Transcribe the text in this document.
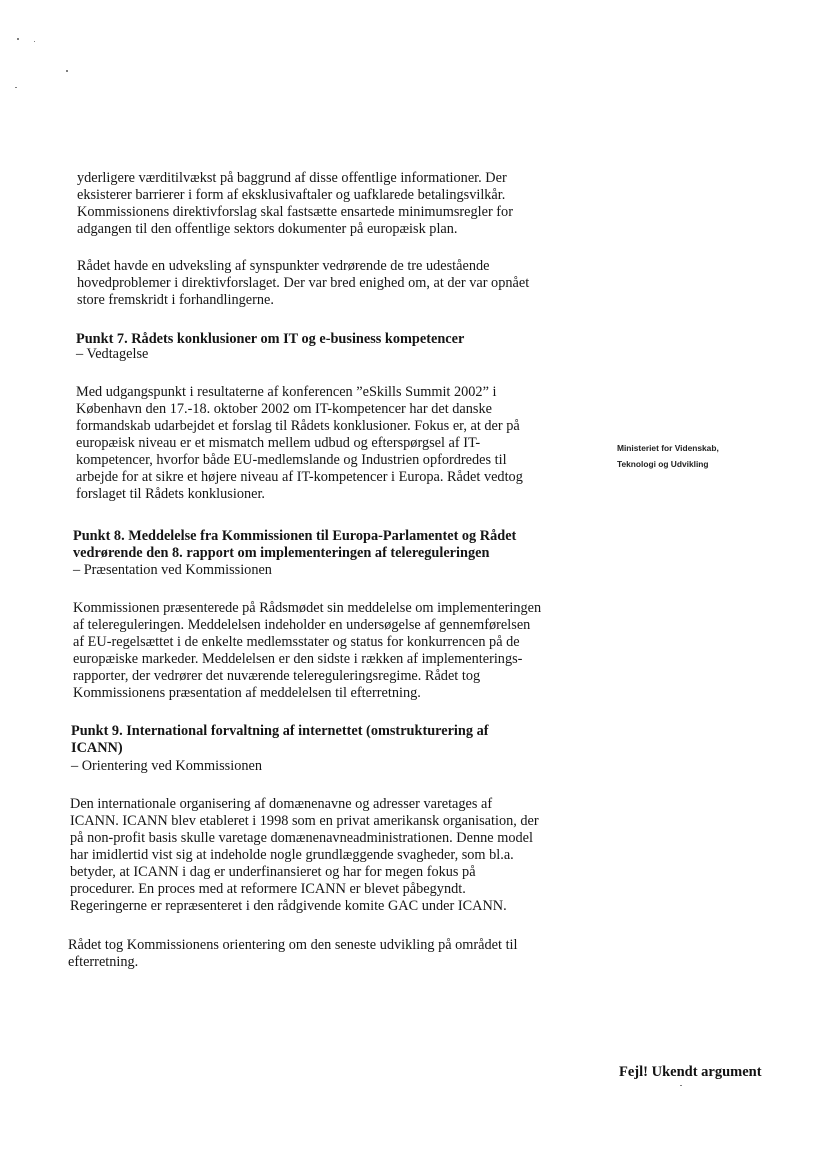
yderligere værditilvækst på baggrund af disse offentlige informationer. Der
eksisterer barrierer i form af eksklusivaftaler og uafklarede betalingsvilkår.
Kommissionens direktivforslag skal fastsætte ensartede minimumsregler for
adgangen til den offentlige sektors dokumenter på europæisk plan.
Rådet havde en udveksling af synspunkter vedrørende de tre udestående
hovedproblemer i direktivforslaget. Der var bred enighed om, at der var opnået
store fremskridt i forhandlingerne.
Punkt 7. Rådets konklusioner om IT og e-business kompetencer
– Vedtagelse
Med udgangspunkt i resultaterne af konferencen ”eSkills Summit 2002” i
København den 17.-18. oktober 2002 om IT-kompetencer har det danske
formandskab udarbejdet et forslag til Rådets konklusioner. Fokus er, at der på
europæisk niveau er et mismatch mellem udbud og efterspørgsel af IT-
kompetencer, hvorfor både EU-medlemslande og Industrien opfordredes til
arbejde for at sikre et højere niveau af IT-kompetencer i Europa. Rådet vedtog
forslaget til Rådets konklusioner.
Ministeriet for Videnskab,
Teknologi og Udvikling
Punkt 8. Meddelelse fra Kommissionen til Europa-Parlamentet og Rådet
vedrørende den 8. rapport om implementeringen af telereguleringen
– Præsentation ved Kommissionen
Kommissionen præsenterede på Rådsmødet sin meddelelse om implementeringen
af telereguleringen. Meddelelsen indeholder en undersøgelse af gennemførelsen
af EU-regelsættet i de enkelte medlemsstater og status for konkurrencen på de
europæiske markeder. Meddelelsen er den sidste i rækken af implementerings-
rapporter, der vedrører det nuværende telereguleringsregime. Rådet tog
Kommissionens præsentation af meddelelsen til efterretning.
Punkt 9. International forvaltning af internettet (omstrukturering af
ICANN)
– Orientering ved Kommissionen
Den internationale organisering af domænenavne og adresser varetages af
ICANN. ICANN blev etableret i 1998 som en privat amerikansk organisation, der
på non-profit basis skulle varetage domænenavneadministrationen. Denne model
har imidlertid vist sig at indeholde nogle grundlæggende svagheder, som bl.a.
betyder, at ICANN i dag er underfinansieret og har for megen fokus på
procedurer. En proces med at reformere ICANN er blevet påbegyndt.
Regeringerne er repræsenteret i den rådgivende komite GAC under ICANN.
Rådet tog Kommissionens orientering om den seneste udvikling på området til
efterretning.
Fejl! Ukendt argument
